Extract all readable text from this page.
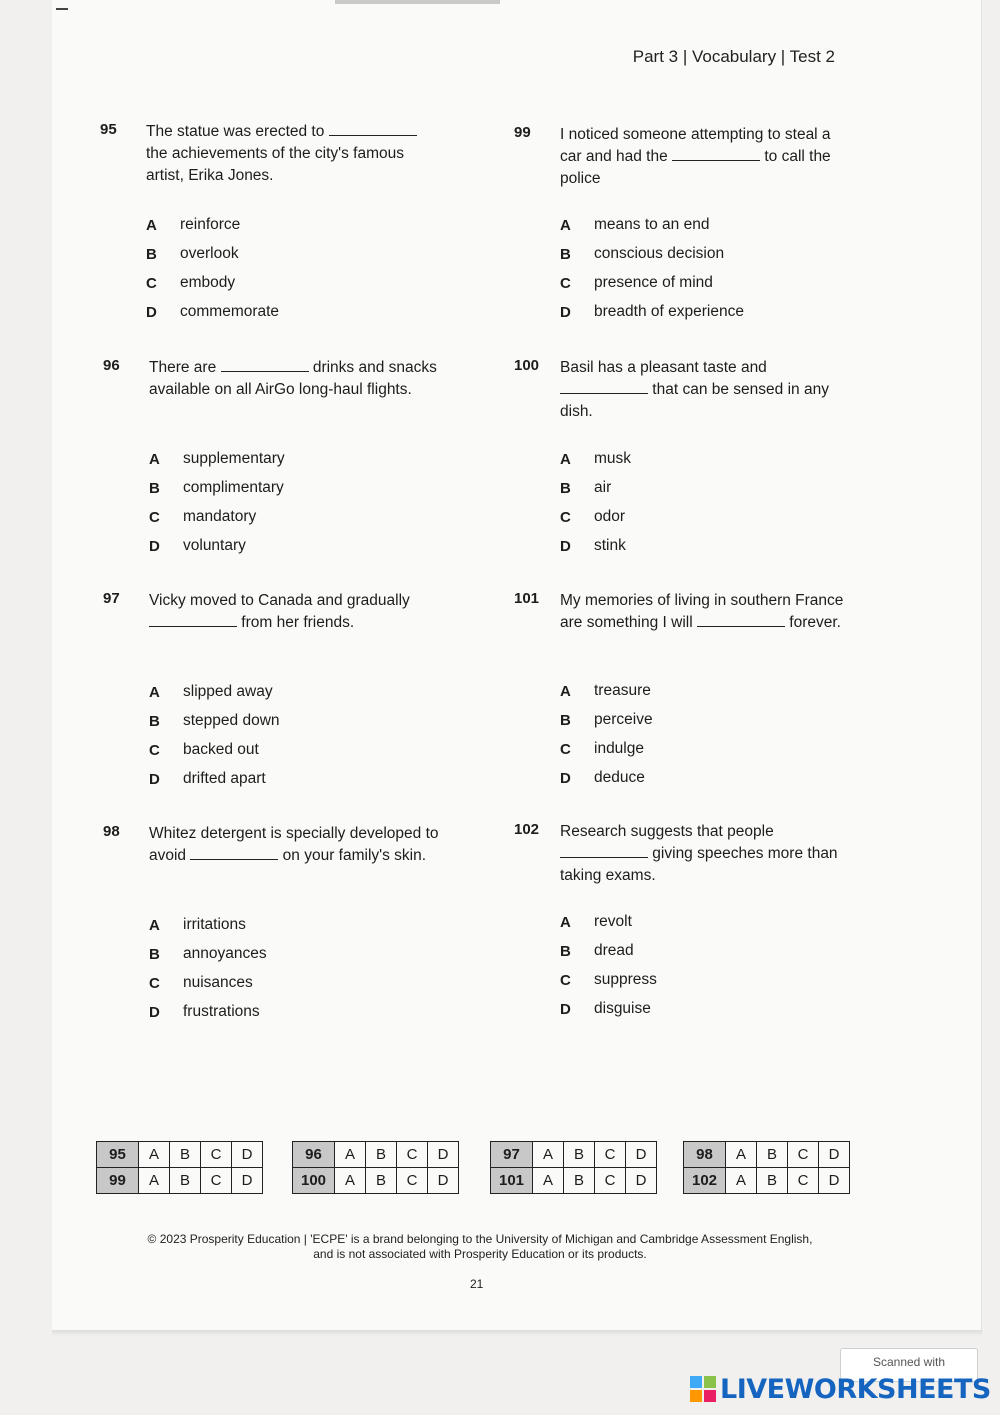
Part 3 | Vocabulary | Test 2
95 The statue was erected to  the achievements of the city's famous artist, Erika Jones.
A	reinforce
B	overlook
C	embody
D	commemorate
96 There are	drinks and snacks available on all AirGo long-haul flights.
A	supplementary
B	complimentary
C	mandatory
D	voluntary
97 Vicky moved to Canada and gradually  from her friends.
A	slipped away
B	stepped down
C	backed out
D	drifted apart
98 Whitez detergent is specially developed to avoid	on your family's skin.
A	irritations
B	annoyances
C	nuisances
D	frustrations
99 I noticed someone attempting to steal a car and had the	to call the police
A	means to an end
B	conscious decision
C	presence of mind
D	breadth of experience
100 Basil has a pleasant taste and  that can be sensed in any dish.
A	musk
B	air
C	odor
D	stink
101 My memories of living in southern France are something I will	forever.
A	treasure
B	perceive
C	indulge
D	deduce
102 Research suggests that people  giving speeches more than taking exams.
A	revolt
B	dread
C	suppress
D	disguise
95	A	B	C	D
99	A	B	C	D
96	A	B	C	D
100	A	B	C	D
97	A	B	C	D
101	A	B	C	D
98	A	B	C	D
102	A	B	C	D
© 2023 Prosperity Education | 'ECPE' is a brand belonging to the University of Michigan and Cambridge Assessment English,
and is not associated with Prosperity Education or its products.
21
Scanned with
LIVEWORKSHEETS
